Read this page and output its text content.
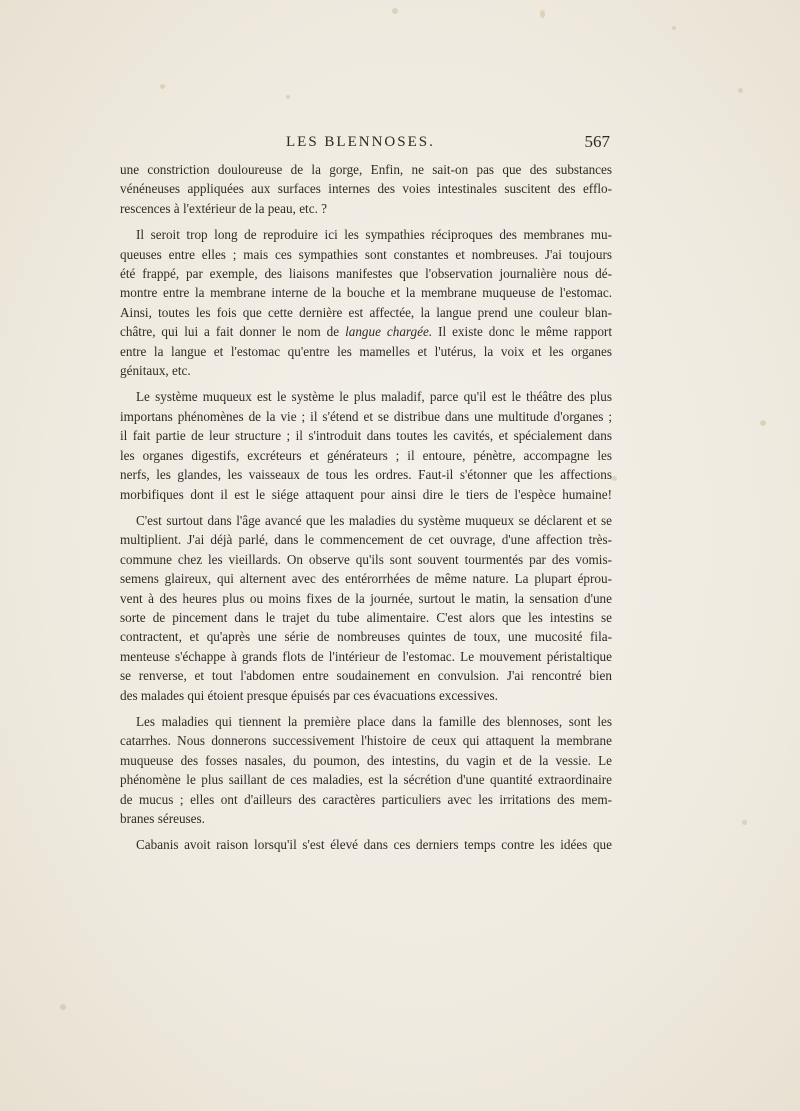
LES BLENNOSES.	567

une constriction douloureuse de la gorge, Enfin, ne sait-on pas que des substances
vénéneuses appliquées aux surfaces internes des voies intestinales suscitent des efflo-
rescences à l'extérieur de la peau, etc. ?

Il seroit trop long de reproduire ici les sympathies réciproques des membranes mu-
queuses entre elles ; mais ces sympathies sont constantes et nombreuses. J'ai toujours
été frappé, par exemple, des liaisons manifestes que l'observation journalière nous dé-
montre entre la membrane interne de la bouche et la membrane muqueuse de l'estomac.
Ainsi, toutes les fois que cette dernière est affectée, la langue prend une couleur blan-
châtre, qui lui a fait donner le nom de langue chargée. Il existe donc le même rapport
entre la langue et l'estomac qu'entre les mamelles et l'utérus, la voix et les organes
génitaux, etc.

Le système muqueux est le système le plus maladif, parce qu'il est le théâtre des plus
importans phénomènes de la vie ; il s'étend et se distribue dans une multitude d'organes ;
il fait partie de leur structure ; il s'introduit dans toutes les cavités, et spécialement dans
les organes digestifs, excréteurs et générateurs ; il entoure, pénètre, accompagne les
nerfs, les glandes, les vaisseaux de tous les ordres. Faut-il s'étonner que les affections
morbifiques dont il est le siége attaquent pour ainsi dire le tiers de l'espèce humaine!

C'est surtout dans l'âge avancé que les maladies du système muqueux se déclarent et se
multiplient. J'ai déjà parlé, dans le commencement de cet ouvrage, d'une affection très-
commune chez les vieillards. On observe qu'ils sont souvent tourmentés par des vomis-
semens glaireux, qui alternent avec des entérorrhées de même nature. La plupart éprou-
vent à des heures plus ou moins fixes de la journée, surtout le matin, la sensation d'une
sorte de pincement dans le trajet du tube alimentaire. C'est alors que les intestins se
contractent, et qu'après une série de nombreuses quintes de toux, une mucosité fila-
menteuse s'échappe à grands flots de l'intérieur de l'estomac. Le mouvement péristaltique
se renverse, et tout l'abdomen entre soudainement en convulsion. J'ai rencontré bien
des malades qui étoient presque épuisés par ces évacuations excessives.

Les maladies qui tiennent la première place dans la famille des blennoses, sont les
catarrhes. Nous donnerons successivement l'histoire de ceux qui attaquent la membrane
muqueuse des fosses nasales, du poumon, des intestins, du vagin et de la vessie. Le
phénomène le plus saillant de ces maladies, est la sécrétion d'une quantité extraordinaire
de mucus ; elles ont d'ailleurs des caractères particuliers avec les irritations des mem-
branes séreuses.

Cabanis avoit raison lorsqu'il s'est élevé dans ces derniers temps contre les idées que
